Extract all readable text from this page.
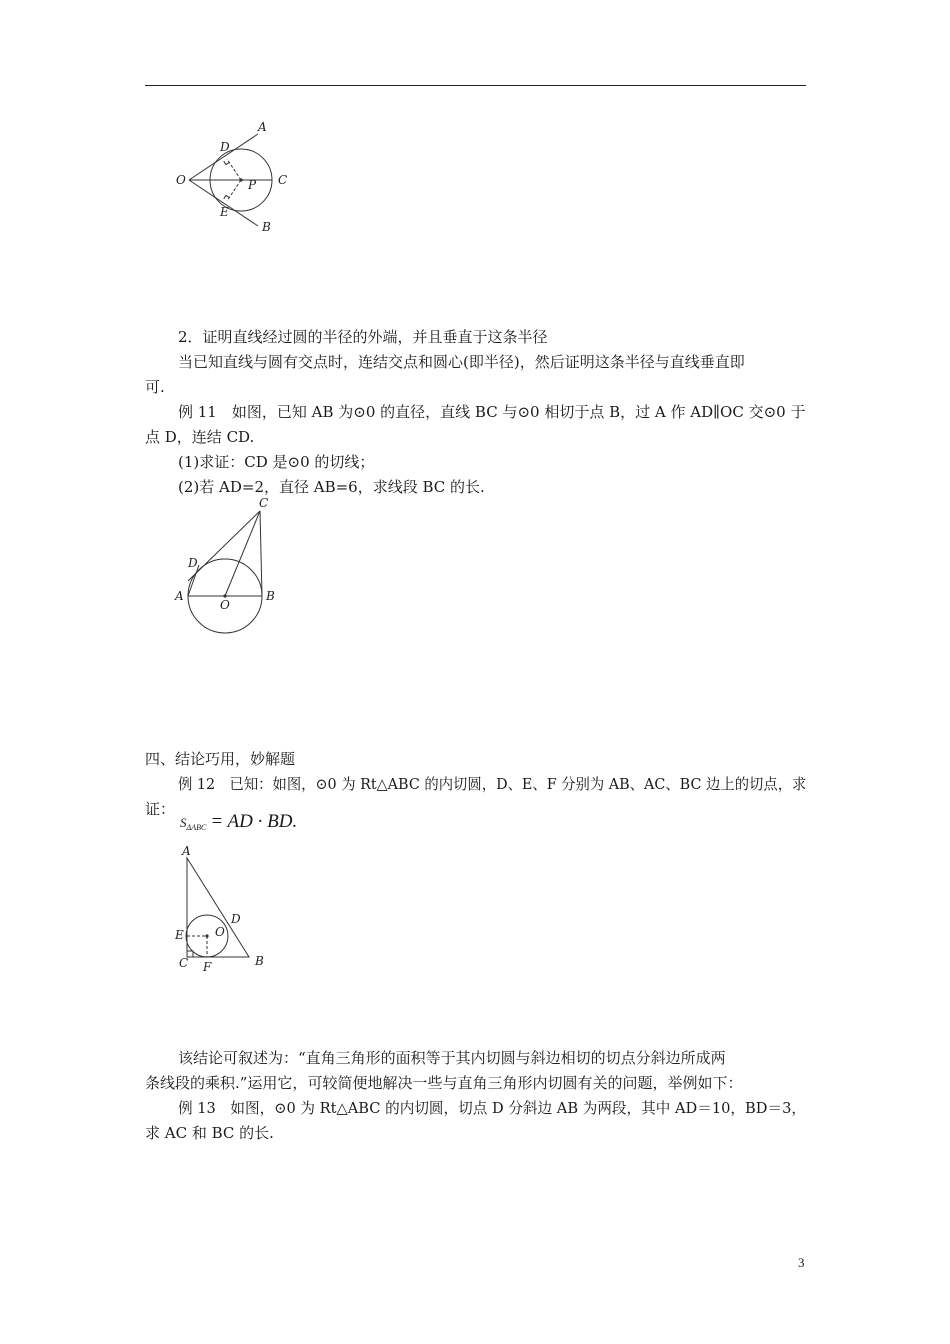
A
D
O	P C
E
B
2．证明直线经过圆的半径的外端，并且垂直于这条半径
当已知直线与圆有交点时，连结交点和圆心(即半径)，然后证明这条半径与直线垂直即
可.
例 11　如图，已知 AB 为⊙0 的直径，直线 BC 与⊙0 相切于点 B，过 A 作 AD∥OC 交⊙0 于
点 D，连结 CD.
(1)求证：CD 是⊙0 的切线；
(2)若 AD=2，直径 AB=6，求线段 BC 的长.
C
D
A
O
B
四、结论巧用，妙解题
例 12　已知：如图，⊙0 为 Rt△ABC 的内切圆，D、E、F 分别为 AB、AC、BC 边上的切点，求
证：
SΔABC = AD · BD.
A
D
O
E
C F	B
该结论可叙述为：“直角三角形的面积等于其内切圆与斜边相切的切点分斜边所成两
条线段的乘积.”运用它，可较简便地解决一些与直角三角形内切圆有关的问题，举例如下：
例 13　如图，⊙0 为 Rt△ABC 的内切圆，切点 D 分斜边 AB 为两段，其中 AD＝10，BD＝3，
求 AC 和 BC 的长.
3
